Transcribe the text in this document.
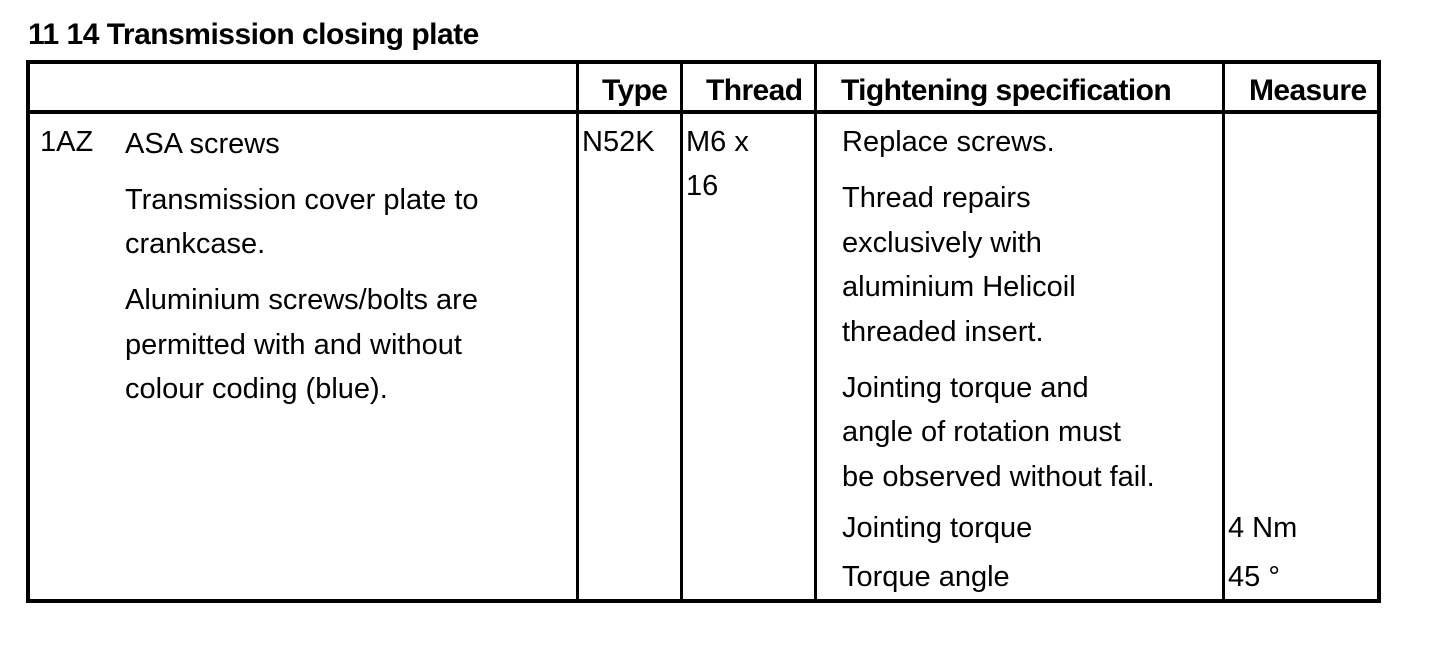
11 14 Transmission closing plate
Type Thread Tightening specification	Measure
1AZ ASA screws
Transmission cover plate to
crankcase.
Aluminium screws/bolts are
permitted with and without
colour coding (blue).
N52K M6 x
16
Replace screws.
Thread repairs
exclusively with
aluminium Helicoil
threaded insert.
Jointing torque and
angle of rotation must
be observed without fail.
Jointing torque
Torque angle
4 Nm
45 °
